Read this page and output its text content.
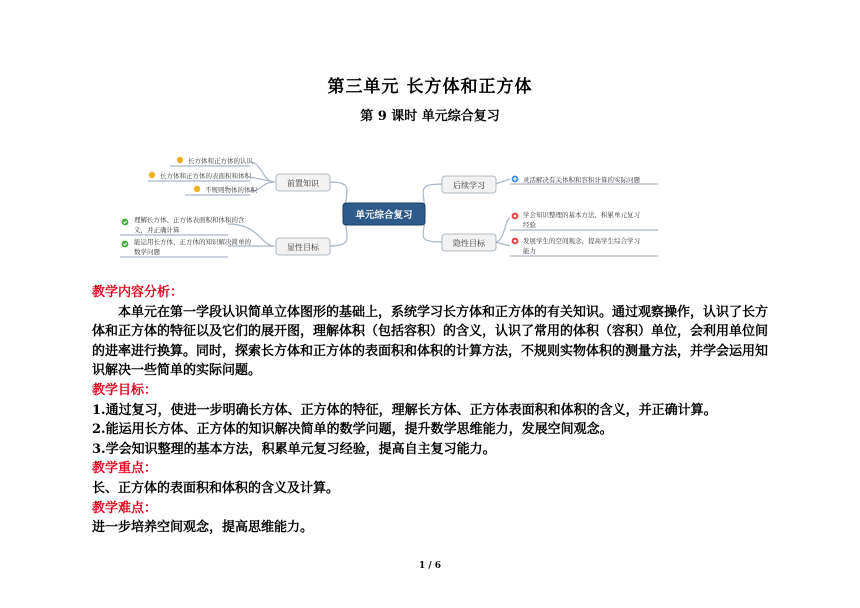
第三单元 长方体和正方体
第 9 课时 单元综合复习
单元综合复习
前置知识
显性目标
后续学习
隐性目标
长方体和正方体的认识
长方体和正方体的表面积和体积
不规则物体的体积
理解长方体、正方体表面积和体积的含
义，并正确计算
能运用长方体、正方体的知识解决简单的
数学问题
灵活解决有关体积和容积计算的实际问题
学会知识整理的基本方法，积累单元复习
经验
发展学生的空间观念，提高学生综合学习
能力

教学内容分析：

本单元在第一学段认识简单立体图形的基础上，系统学习长方体和正方体的有关知识。通过观察操作，认识了长方体和正方体的特征以及它们的展开图，理解体积（包括容积）的含义，认识了常用的体积（容积）单位，会利用单位间的进率进行换算。同时，探索长方体和正方体的表面积和体积的计算方法，不规则实物体积的测量方法，并学会运用知识解决一些简单的实际问题。

教学目标：

1.通过复习，使进一步明确长方体、正方体的特征，理解长方体、正方体表面积和体积的含义，并正确计算。

2.能运用长方体、正方体的知识解决简单的数学问题，提升数学思维能力，发展空间观念。

3.学会知识整理的基本方法，积累单元复习经验，提高自主复习能力。

教学重点：

长、正方体的表面积和体积的含义及计算。

教学难点：

进一步培养空间观念，提高思维能力。

1 / 6
